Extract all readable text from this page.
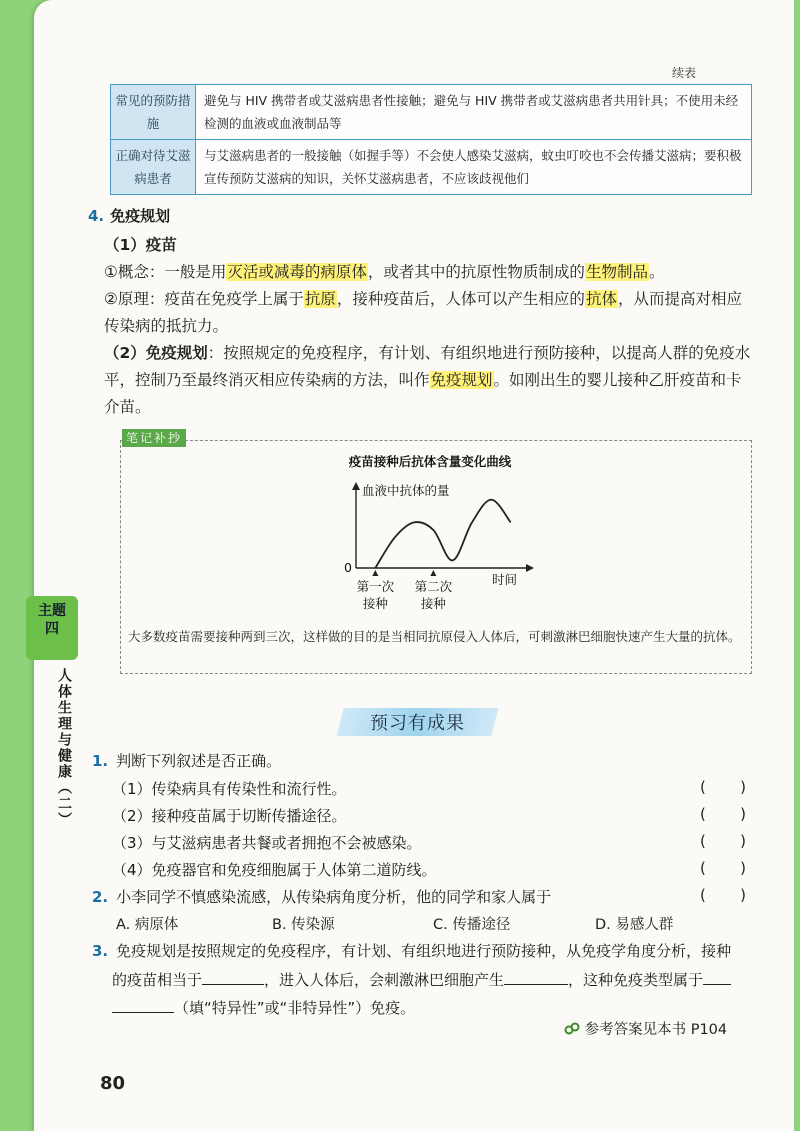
主题
四
人体生理与健康（二）
续表
常见的预防措施	避免与 HIV 携带者或艾滋病患者性接触；避免与 HIV 携带者或艾滋病患者共用针具；不使用未经检测的血液或血液制品等
正确对待艾滋病患者	与艾滋病患者的一般接触（如握手等）不会使人感染艾滋病，蚊虫叮咬也不会传播艾滋病；要积极宣传预防艾滋病的知识，关怀艾滋病患者，不应该歧视他们
4. 免疫规划
（1）疫苗
①概念：一般是用灭活或减毒的病原体，或者其中的抗原性物质制成的生物制品。
②原理：疫苗在免疫学上属于抗原，接种疫苗后，人体可以产生相应的抗体，从而提高对相应传染病的抵抗力。
（2）免疫规划：按照规定的免疫程序，有计划、有组织地进行预防接种，以提高人群的免疫水平，控制乃至最终消灭相应传染病的方法，叫作免疫规划。如刚出生的婴儿接种乙肝疫苗和卡介苗。
笔记补抄
疫苗接种后抗体含量变化曲线
血液中抗体的量
时间
0
第一次
接种
第二次
接种
大多数疫苗需要接种两到三次，这样做的目的是当相同抗原侵入人体后，可刺激淋巴细胞快速产生大量的抗体。
预习有成果
1. 判断下列叙述是否正确。
（1）传染病具有传染性和流行性。	( )
（2）接种疫苗属于切断传播途径。	( )
（3）与艾滋病患者共餐或者拥抱不会被感染。	( )
（4）免疫器官和免疫细胞属于人体第二道防线。	( )
2. 小李同学不慎感染流感，从传染病角度分析，他的同学和家人属于	( )
A. 病原体	B. 传染源	C. 传播途径	D. 易感人群
3. 免疫规划是按照规定的免疫程序，有计划、有组织地进行预防接种，从免疫学角度分析，接种
的疫苗相当于	，进入人体后，会刺激淋巴细胞产生	，这种免疫类型属于
（填“特异性”或“非特异性”）免疫。
参考答案见本书 P104
80
